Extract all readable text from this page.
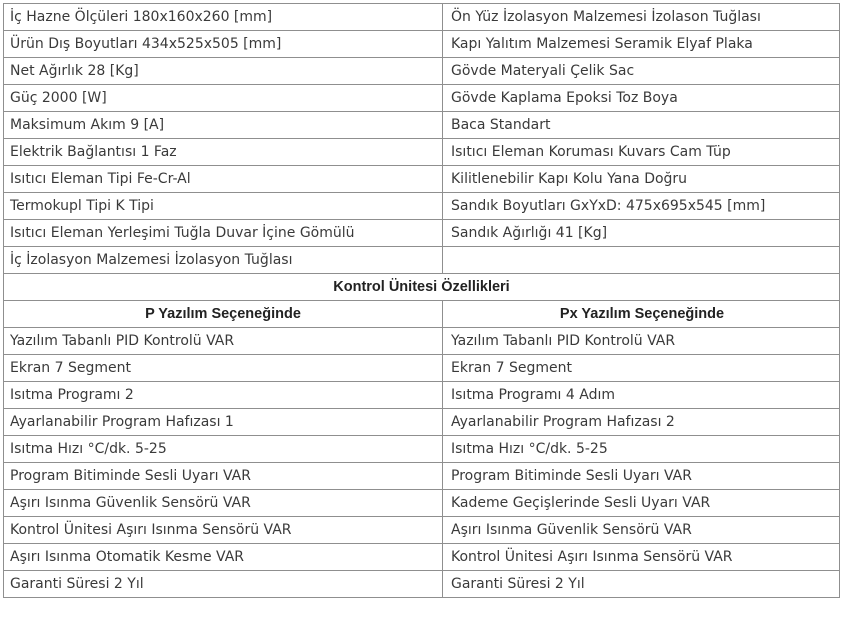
İç Hazne Ölçüleri 180x160x260 [mm]	Ön Yüz İzolasyon Malzemesi İzolason Tuğlası
Ürün Dış Boyutları 434x525x505 [mm]	Kapı Yalıtım Malzemesi Seramik Elyaf Plaka
Net Ağırlık 28 [Kg]	Gövde Materyali Çelik Sac
Güç 2000 [W]	Gövde Kaplama Epoksi Toz Boya
Maksimum Akım 9 [A]	Baca Standart
Elektrik Bağlantısı 1 Faz	Isıtıcı Eleman Koruması Kuvars Cam Tüp
Isıtıcı Eleman Tipi Fe-Cr-Al	Kilitlenebilir Kapı Kolu Yana Doğru
Termokupl Tipi K Tipi	Sandık Boyutları GxYxD: 475x695x545 [mm]
Isıtıcı Eleman Yerleşimi Tuğla Duvar İçine Gömülü	Sandık Ağırlığı 41 [Kg]
İç İzolasyon Malzemesi İzolasyon Tuğlası	
Kontrol Ünitesi Özellikleri	
P Yazılım Seçeneğinde	Px Yazılım Seçeneğinde
Yazılım Tabanlı PID Kontrolü VAR	Yazılım Tabanlı PID Kontrolü VAR
Ekran 7 Segment	Ekran 7 Segment
Isıtma Programı 2	Isıtma Programı 4 Adım
Ayarlanabilir Program Hafızası 1	Ayarlanabilir Program Hafızası 2
Isıtma Hızı °C/dk. 5-25	Isıtma Hızı °C/dk. 5-25
Program Bitiminde Sesli Uyarı VAR	Program Bitiminde Sesli Uyarı VAR
Aşırı Isınma Güvenlik Sensörü VAR	Kademe Geçişlerinde Sesli Uyarı VAR
Kontrol Ünitesi Aşırı Isınma Sensörü VAR	Aşırı Isınma Güvenlik Sensörü VAR
Aşırı Isınma Otomatik Kesme VAR	Kontrol Ünitesi Aşırı Isınma Sensörü VAR
Garanti Süresi 2 Yıl	Garanti Süresi 2 Yıl
